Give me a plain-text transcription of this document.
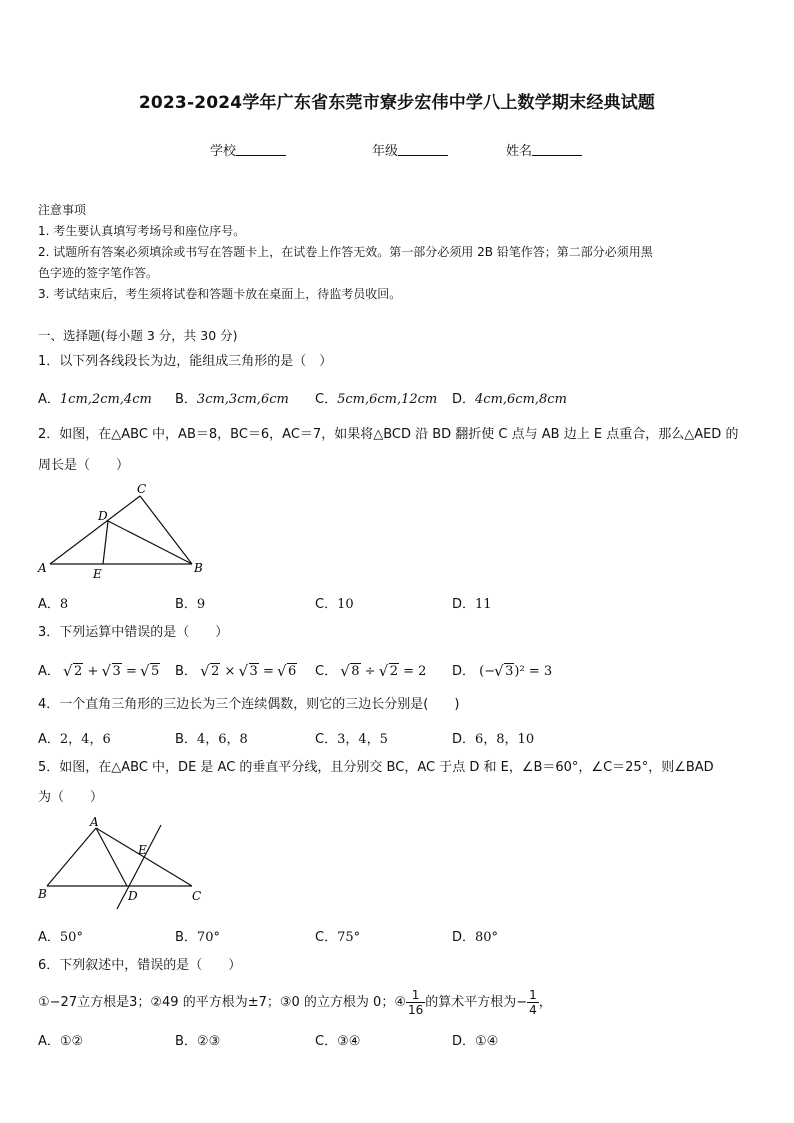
2023-2024学年广东省东莞市寮步宏伟中学八上数学期末经典试题
学校	年级	姓名
注意事项
1. 考生要认真填写考场号和座位序号。
2. 试题所有答案必须填涂或书写在答题卡上，在试卷上作答无效。第一部分必须用 2B 铅笔作答；第二部分必须用黑
色字迹的签字笔作答。
3. 考试结束后，考生须将试卷和答题卡放在桌面上，待监考员收回。
一、选择题(每小题 3 分，共 30 分)
1．以下列各线段长为边，能组成三角形的是（　）
A．1cm,2cm,4cm B．3cm,3cm,6cm C．5cm,6cm,12cm D．4cm,6cm,8cm
2．如图，在△ABC 中，AB＝8，BC＝6，AC＝7，如果将△BCD 沿 BD 翻折使 C 点与 AB 边上 E 点重合，那么△AED 的
周长是（　　）
A	B
C
D
E
A．8	B．9	C．10	D．11
3．下列运算中错误的是（　　）
A． √ 2 + √ 3 = √ 5 B． √ 2 × √ 3 = √ 6 C． √ 8 ÷ √ 2 = 2 D． (− √ 3)² = 3
4．一个直角三角形的三边长为三个连续偶数，则它的三边长分别是(　　)
A．2，4，6	B．4，6，8	C．3，4，5	D．6，8，10
5．如图，在△ABC 中，DE 是 AC 的垂直平分线，且分别交 BC，AC 于点 D 和 E，∠B＝60°，∠C＝25°，则∠BAD
为（　　）
A
B	C
D
E
A．50°	B．70°	C．75°	D．80°
6．下列叙述中，错误的是（　　）
①−27立方根是3；②49 的平方根为±7；③0 的立方根为 0；④ $\frac{1}{16}$ 的算术平方根为− $\frac{1}{4}$ ，
A．①②	B．②③	C．③④	D．①④
